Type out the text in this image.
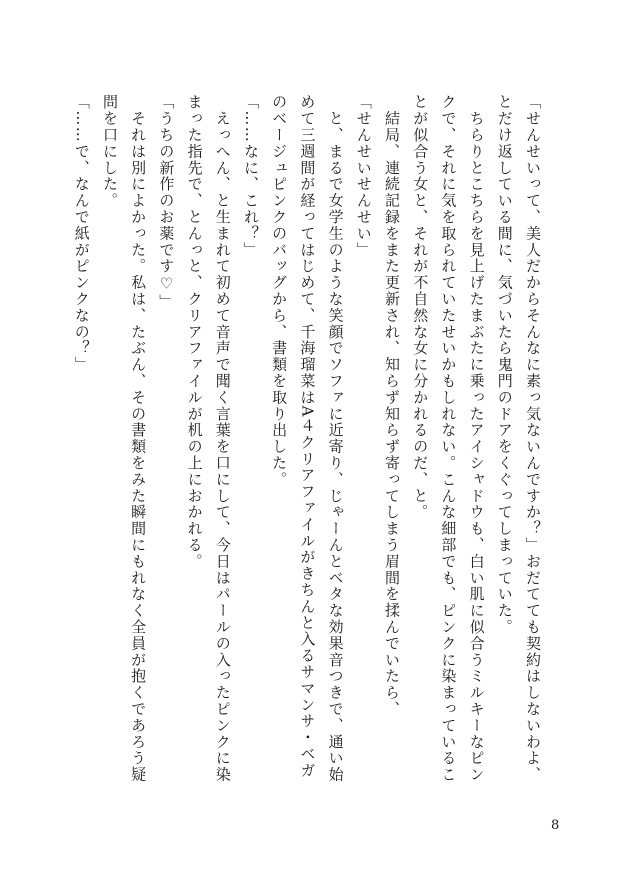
「せんせいって、美人だからそんなに素っ気ないんですか？」おだてても契約はしないわよ、
とだけ返している間に、気づいたら鬼門のドアをくぐってしまっていた。
　ちらりとこちらを見上げたまぶたに乗ったアイシャドウも、白い肌に似合うミルキーなピン
クで、それに気を取られていたせいかもしれない。こんな細部でも、ピンクに染まっているこ
とが似合う女と、それが不自然な女に分かれるのだ、と。
　結局、連続記録をまた更新され、知らず知らず寄ってしまう眉間を揉んでいたら、
「せんせいせんせい」
　と、まるで女学生のような笑顔でソファに近寄り、じゃーんとベタな効果音つきで、通い始
めて三週間が経ってはじめて、千海瑠菜はA４クリアファイルがきちんと入るサマンサ・ベガ
のベージュピンクのバッグから、書類を取り出した。
「……なに、これ？」
　えっへん、と生まれて初めて音声で聞く言葉を口にして、今日はパールの入ったピンクに染
まった指先で、とんっと、クリアファイルが机の上におかれる。
「うちの新作のお薬です♡」
　それは別によかった。私は、たぶん、その書類をみた瞬間にもれなく全員が抱くであろう疑
問を口にした。
「……で、なんで紙がピンクなの？」
8
